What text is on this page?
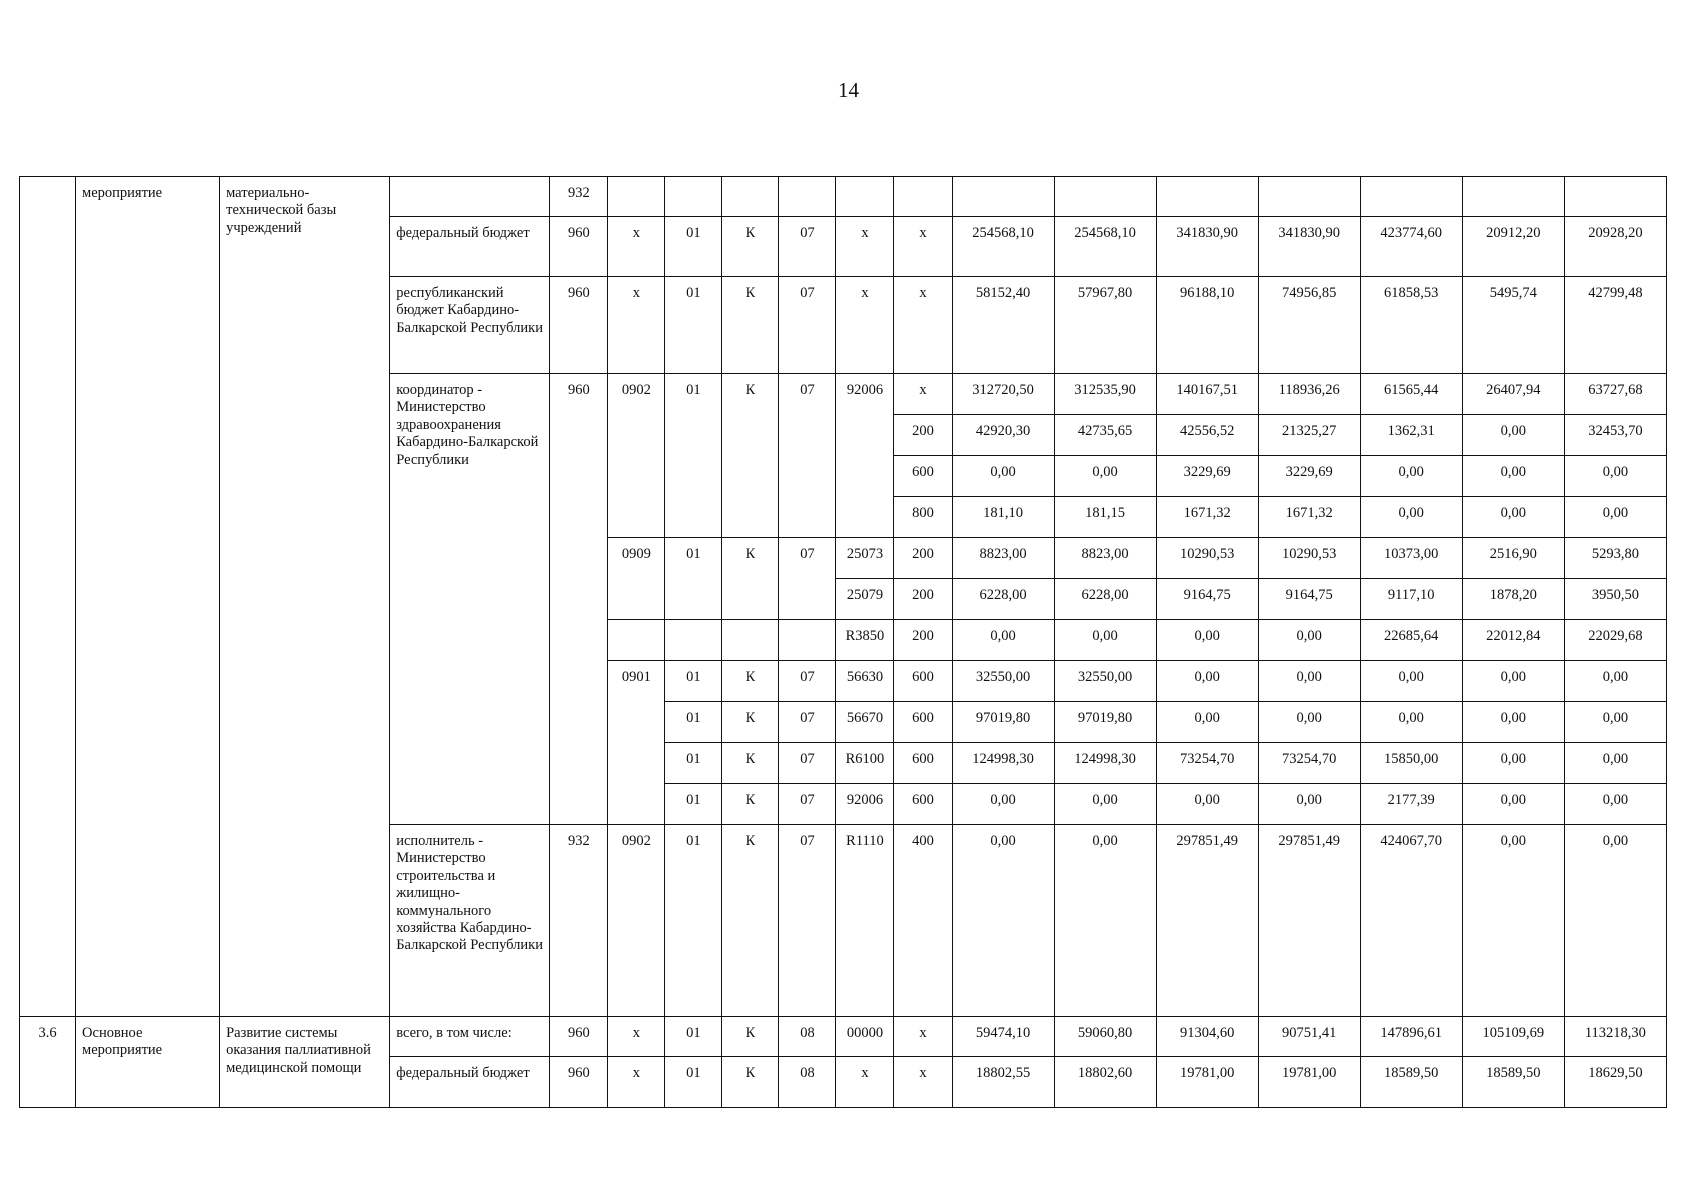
14
	мероприятие	материально-технической базы учреждений		932													
			федеральный бюджет	960	х	01	К	07	х	х	254568,10	254568,10	341830,90	341830,90	423774,60	20912,20	20928,20
			республиканский бюджет Кабардино-Балкарской Республики	960	х	01	К	07	х	х	58152,40	57967,80	96188,10	74956,85	61858,53	5495,74	42799,48
			координатор - Министерство здравоохранения Кабардино-Балкарской Республики	960	0902	01	К	07	92006	х	312720,50	312535,90	140167,51	118936,26	61565,44	26407,94	63727,68
										200	42920,30	42735,65	42556,52	21325,27	1362,31	0,00	32453,70
										600	0,00	0,00	3229,69	3229,69	0,00	0,00	0,00
										800	181,10	181,15	1671,32	1671,32	0,00	0,00	0,00
					0909	01	К	07	25073	200	8823,00	8823,00	10290,53	10290,53	10373,00	2516,90	5293,80
									25079	200	6228,00	6228,00	9164,75	9164,75	9117,10	1878,20	3950,50
									R3850	200	0,00	0,00	0,00	0,00	22685,64	22012,84	22029,68
					0901	01	К	07	56630	600	32550,00	32550,00	0,00	0,00	0,00	0,00	0,00
						01	К	07	56670	600	97019,80	97019,80	0,00	0,00	0,00	0,00	0,00
						01	К	07	R6100	600	124998,30	124998,30	73254,70	73254,70	15850,00	0,00	0,00
						01	К	07	92006	600	0,00	0,00	0,00	0,00	2177,39	0,00	0,00
			исполнитель - Министерство строительства и жилищно-коммунального хозяйства Кабардино-Балкарской Республики	932	0902	01	К	07	R1110	400	0,00	0,00	297851,49	297851,49	424067,70	0,00	0,00
3.6	Основное мероприятие	Развитие системы оказания паллиативной медицинской помощи	всего, в том числе:	960	х	01	К	08	00000	х	59474,10	59060,80	91304,60	90751,41	147896,61	105109,69	113218,30
			федеральный бюджет	960	х	01	К	08	х	х	18802,55	18802,60	19781,00	19781,00	18589,50	18589,50	18629,50
